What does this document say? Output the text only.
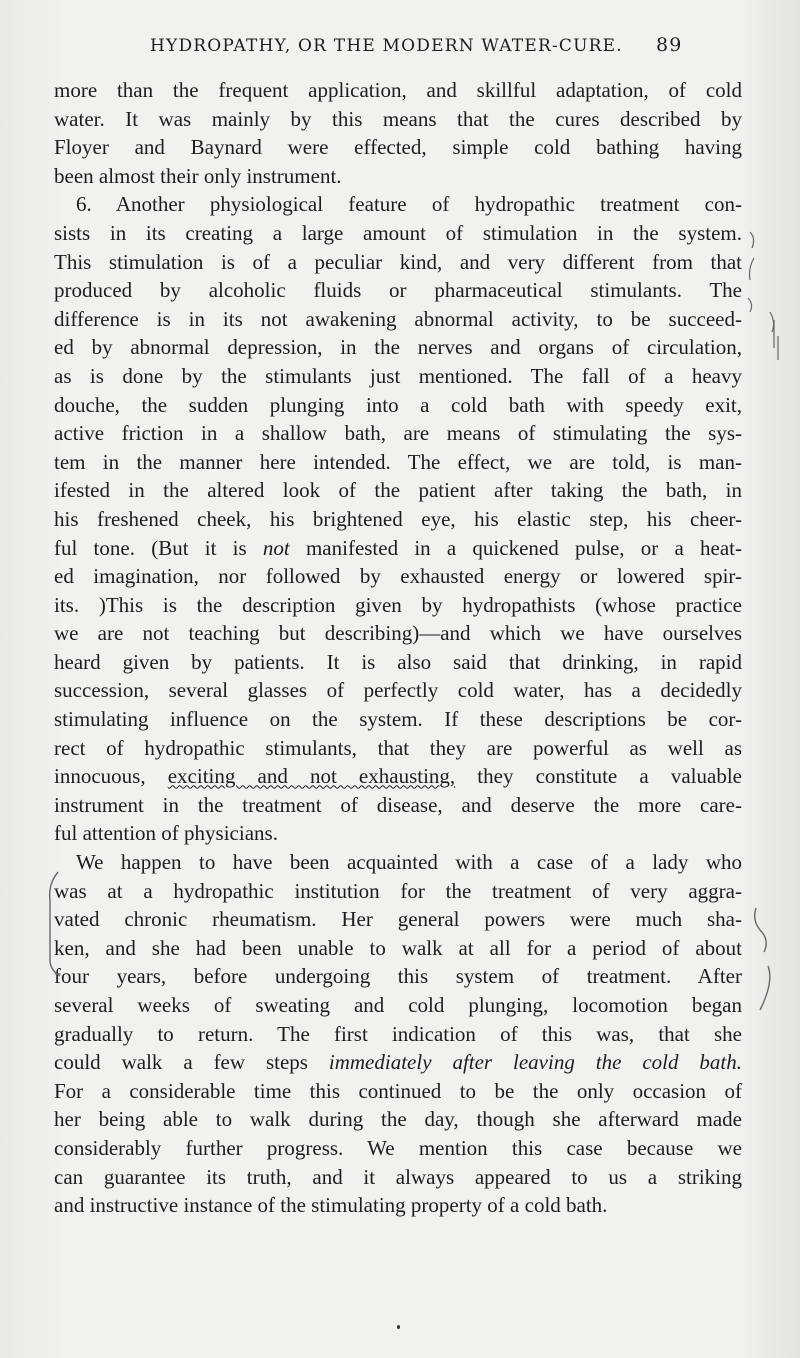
HYDROPATHY, OR THE MODERN WATER-CURE. 89
more than the frequent application, and skillful adaptation, of cold
water. It was mainly by this means that the cures described by
Floyer and Baynard were effected, simple cold bathing having
been almost their only instrument.
6. Another physiological feature of hydropathic treatment con-
sists in its creating a large amount of stimulation in the system.
This stimulation is of a peculiar kind, and very different from that
produced by alcoholic fluids or pharmaceutical stimulants. The
difference is in its not awakening abnormal activity, to be succeed-
ed by abnormal depression, in the nerves and organs of circulation,
as is done by the stimulants just mentioned. The fall of a heavy
douche, the sudden plunging into a cold bath with speedy exit,
active friction in a shallow bath, are means of stimulating the sys-
tem in the manner here intended. The effect, we are told, is man-
ifested in the altered look of the patient after taking the bath, in
his freshened cheek, his brightened eye, his elastic step, his cheer-
ful tone. (But it is not manifested in a quickened pulse, or a heat-
ed imagination, nor followed by exhausted energy or lowered spir-
its. )This is the description given by hydropathists (whose practice
we are not teaching but describing)—and which we have ourselves
heard given by patients. It is also said that drinking, in rapid
succession, several glasses of perfectly cold water, has a decidedly
stimulating influence on the system. If these descriptions be cor-
rect of hydropathic stimulants, that they are powerful as well as
innocuous, exciting and not exhausting, they constitute a valuable
instrument in the treatment of disease, and deserve the more care-
ful attention of physicians.
We happen to have been acquainted with a case of a lady who
was at a hydropathic institution for the treatment of very aggra-
vated chronic rheumatism. Her general powers were much sha-
ken, and she had been unable to walk at all for a period of about
four years, before undergoing this system of treatment. After
several weeks of sweating and cold plunging, locomotion began
gradually to return. The first indication of this was, that she
could walk a few steps immediately after leaving the cold bath.
For a considerable time this continued to be the only occasion of
her being able to walk during the day, though she afterward made
considerably further progress. We mention this case because we
can guarantee its truth, and it always appeared to us a striking
and instructive instance of the stimulating property of a cold bath.
